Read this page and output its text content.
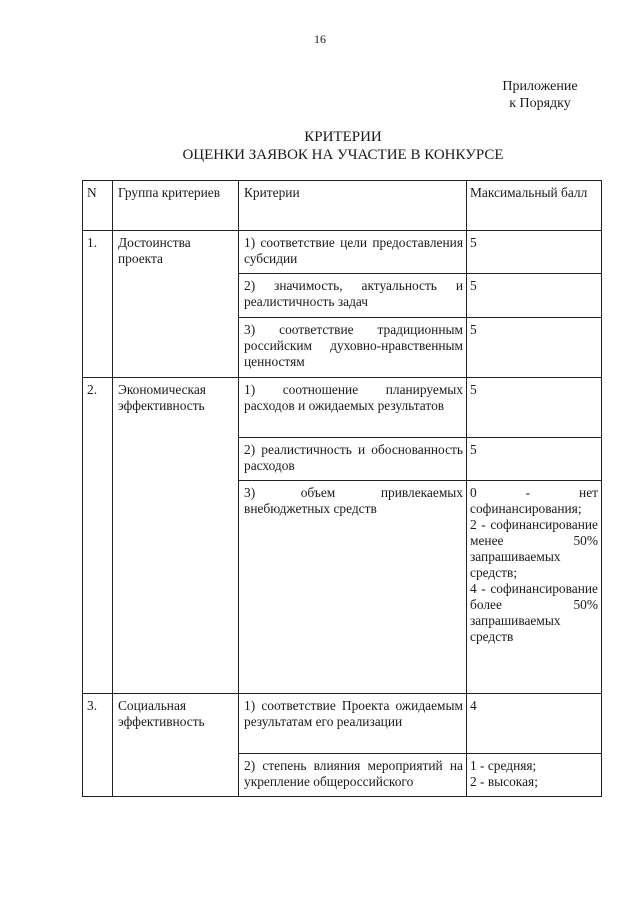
16
Приложение
к Порядку
КРИТЕРИИ
ОЦЕНКИ ЗАЯВОК НА УЧАСТИЕ В КОНКУРСЕ
N	Группа критериев	Критерии	Максимальный балл
1.	Достоинства проекта	1) соответствие цели предоставления субсидии	5
		2) значимость, актуальность и реалистичность задач	5
		3) соответствие традиционным российским духовно-нравственным ценностям	5
2.	Экономическая эффективность	1) соотношение планируемых расходов и ожидаемых результатов	5
		2) реалистичность и обоснованность расходов	5
		3) объем привлекаемых внебюджетных средств	0 - нет софинансирования;
2 - софинансирование менее 50% запрашиваемых средств;
4 - софинансирование более 50% запрашиваемых средств

3.	Социальная эффективность	1) соответствие Проекта ожидаемым результатам его реализации	4
		2) степень влияния мероприятий на укрепление общероссийского	1 - средняя;
2 - высокая;
